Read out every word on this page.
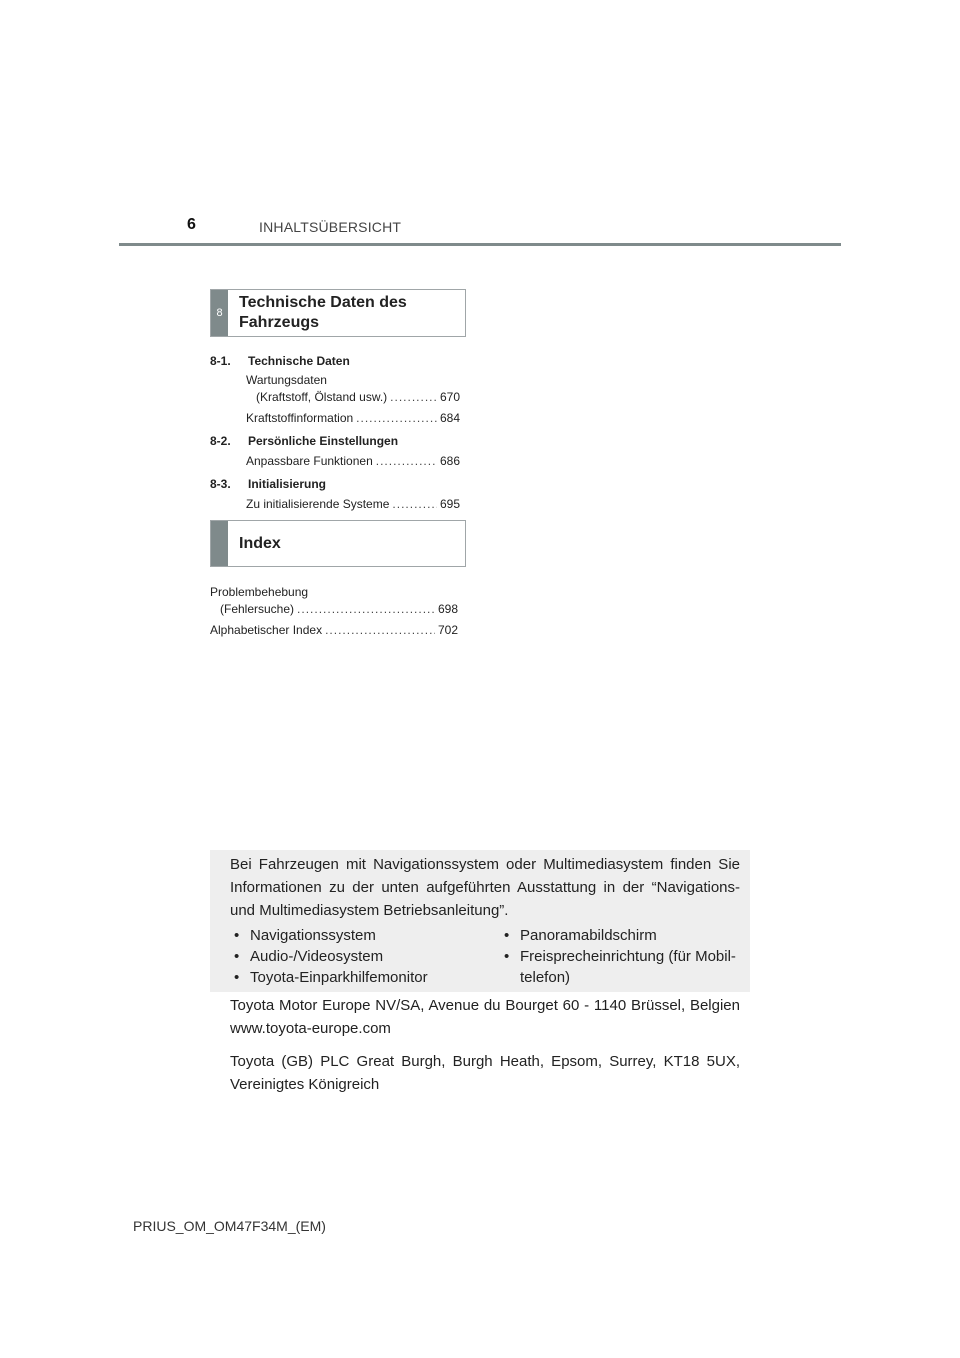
6	INHALTSÜBERSICHT
8
Technische Daten des Fahrzeugs
8-1. Technische Daten
Wartungsdaten
(Kraftstoff, Ölstand usw.) .....	670
Kraftstoffinformation .....	684
8-2. Persönliche Einstellungen
Anpassbare Funktionen .....	686
8-3. Initialisierung
Zu initialisierende Systeme .....	695
Index
Problembehebung
(Fehlersuche) .....	698
Alphabetischer Index .....	702
Bei Fahrzeugen mit Navigationssystem oder Multimediasystem finden Sie Informationen zu der unten aufgeführten Ausstattung in der “Navigations- und Multimediasystem Betriebsanleitung”.
• Navigationssystem
• Audio-/Videosystem
• Toyota-Einparkhilfemonitor
• Panoramabildschirm
• Freisprecheinrichtung (für Mobil-telefon)
Toyota Motor Europe NV/SA, Avenue du Bourget 60 - 1140 Brüssel, Belgien www.toyota-europe.com
Toyota (GB) PLC Great Burgh, Burgh Heath, Epsom, Surrey, KT18 5UX, Vereinigtes Königreich
PRIUS_OM_OM47F34M_(EM)
